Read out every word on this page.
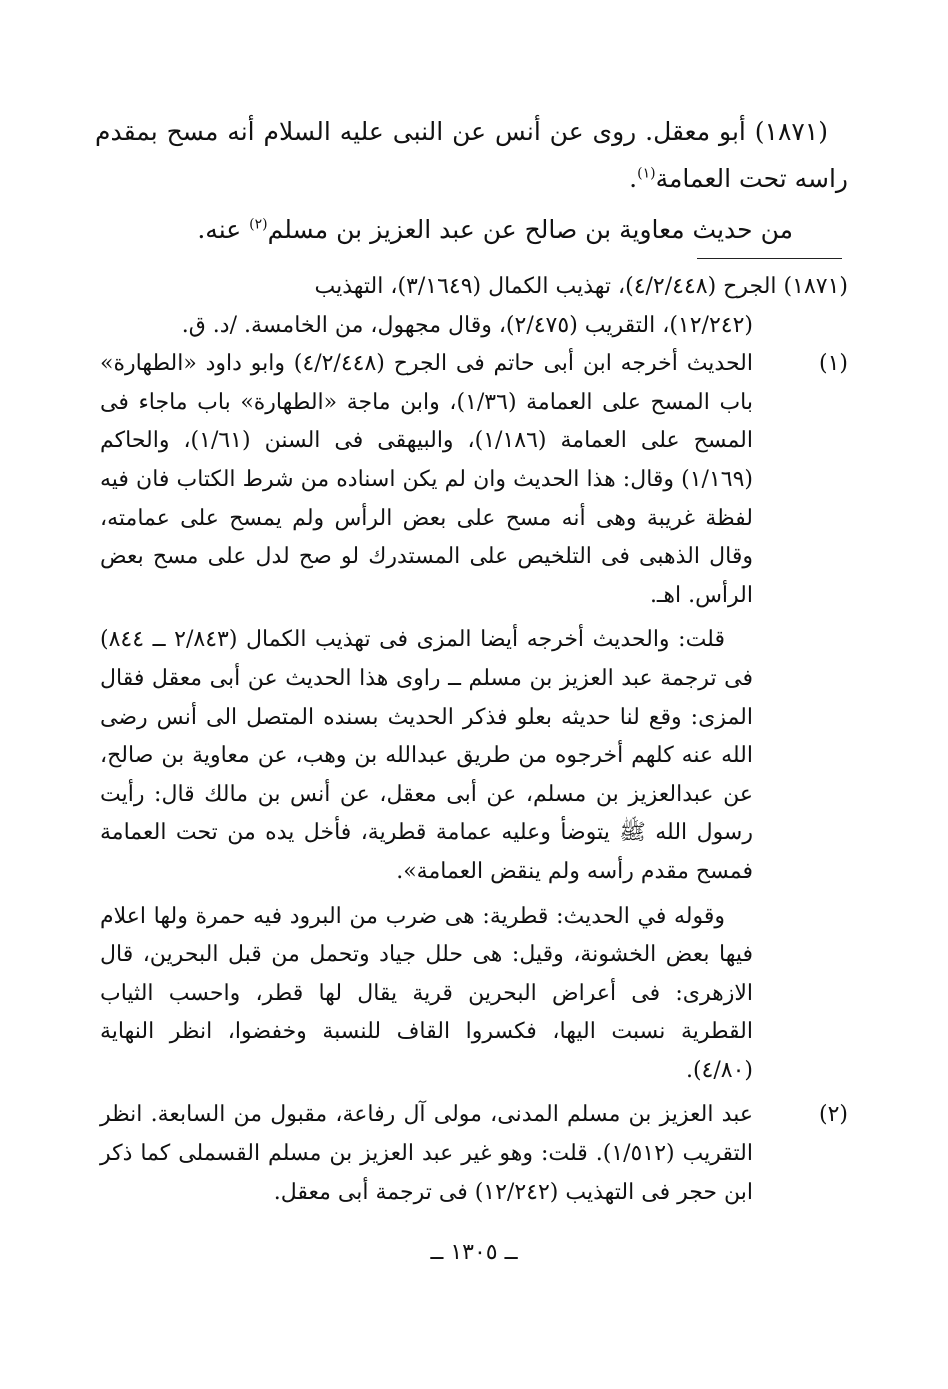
(١٨٧١) أبو معقل. روى عن أنس عن النبى عليه السلام أنه مسح بمقدم راسه تحت العمامة$^{(١)}$.
من حديث معاوية بن صالح عن عبد العزيز بن مسلم$^{(٢)}$ عنه.
(١٨٧١) الجرح (٤/٢/٤٤٨)، تهذيب الكمال (٣/١٦٤٩)، التهذيب
(١٢/٢٤٢)، التقريب (٢/٤٧٥)، وقال مجهول، من الخامسة. /د. ق.
(١)
الحديث أخرجه ابن أبى حاتم فى الجرح (٤/٢/٤٤٨) وابو داود «الطهارة» باب المسح على العمامة (١/٣٦)، وابن ماجة «الطهارة» باب ماجاء فى المسح على العمامة (١/١٨٦)، والبيهقى فى السنن (١/٦١)، والحاكم (١/١٦٩) وقال: هذا الحديث وان لم يكن اسناده من شرط الكتاب فان فيه لفظة غريبة وهى أنه مسح على بعض الرأس ولم يمسح على عمامته، وقال الذهبى فى التلخيص على المستدرك لو صح لدل على مسح بعض الرأس. اهـ.
قلت: والحديث أخرجه أيضا المزى فى تهذيب الكمال (٢/٨٤٣ ــ ٨٤٤) فى ترجمة عبد العزيز بن مسلم ــ راوى هذا الحديث عن أبى معقل فقال المزى: وقع لنا حديثه بعلو فذكر الحديث بسنده المتصل الى أنس رضى الله عنه كلهم أخرجوه من طريق عبدالله بن وهب، عن معاوية بن صالح، عن عبدالعزيز بن مسلم، عن أبى معقل، عن أنس بن مالك قال: رأيت رسول الله ﷺ يتوضأ وعليه عمامة قطرية، فأخل يده من تحت العمامة فمسح مقدم رأسه ولم ينقض العمامة».
وقوله في الحديث: قطرية: هى ضرب من البرود فيه حمرة ولها اعلام فيها بعض الخشونة، وقيل: هى حلل جياد وتحمل من قبل البحرين، قال الازهرى: فى أعراض البحرين قرية يقال لها قطر، واحسب الثياب القطرية نسبت اليها، فكسروا القاف للنسبة وخفضوا، انظر النهاية (٤/٨٠).
(٢)
عبد العزيز بن مسلم المدنى، مولى آل رفاعة، مقبول من السابعة. انظر التقريب (١/٥١٢). قلت: وهو غير عبد العزيز بن مسلم القسملى كما ذكر ابن حجر فى التهذيب (١٢/٢٤٢) فى ترجمة أبى معقل.
ــ ١٣٠٥ ــ
